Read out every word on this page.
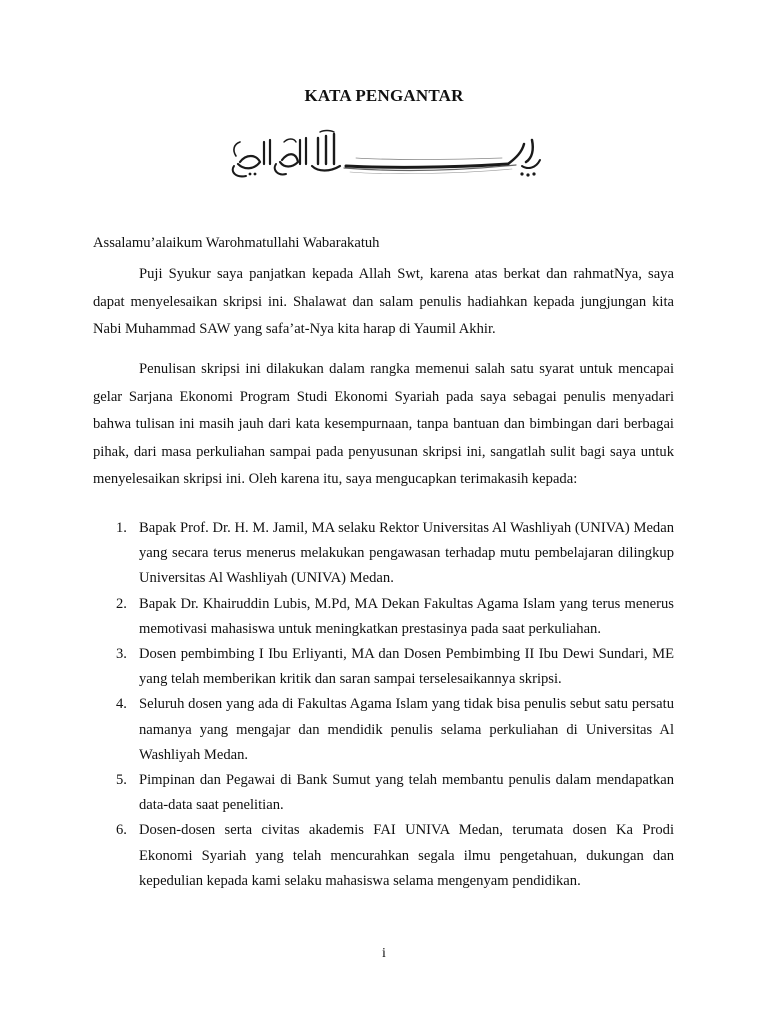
KATA PENGANTAR
Assalamu’alaikum Warohmatullahi Wabarakatuh

Puji Syukur saya panjatkan kepada Allah Swt, karena atas berkat dan rahmatNya, saya dapat menyelesaikan skripsi ini. Shalawat dan salam penulis hadiahkan kepada jungjungan kita Nabi Muhammad SAW yang safa’at-Nya kita harap di Yaumil Akhir.

Penulisan skripsi ini dilakukan dalam rangka memenui salah satu syarat untuk mencapai gelar Sarjana Ekonomi Program Studi Ekonomi Syariah pada saya sebagai penulis menyadari bahwa tulisan ini masih jauh dari kata kesempurnaan, tanpa bantuan dan bimbingan dari berbagai pihak, dari masa perkuliahan sampai pada penyusunan skripsi ini, sangatlah sulit bagi saya untuk menyelesaikan skripsi ini. Oleh karena itu, saya mengucapkan terimakasih kepada:

1. Bapak Prof. Dr. H. M. Jamil, MA selaku Rektor Universitas Al Washliyah (UNIVA) Medan yang secara terus menerus melakukan pengawasan terhadap mutu pembelajaran dilingkup Universitas Al Washliyah (UNIVA) Medan.
2. Bapak Dr. Khairuddin Lubis, M.Pd, MA Dekan Fakultas Agama Islam yang terus menerus memotivasi mahasiswa untuk meningkatkan prestasinya pada saat perkuliahan.
3. Dosen pembimbing I Ibu Erliyanti, MA dan Dosen Pembimbing II Ibu Dewi Sundari, ME yang telah memberikan kritik dan saran sampai terselesaikannya skripsi.
4. Seluruh dosen yang ada di Fakultas Agama Islam yang tidak bisa penulis sebut satu persatu namanya yang mengajar dan mendidik penulis selama perkuliahan di Universitas Al Washliyah Medan.
5. Pimpinan dan Pegawai di Bank Sumut yang telah membantu penulis dalam mendapatkan data-data saat penelitian.
6. Dosen-dosen serta civitas akademis FAI UNIVA Medan, terumata dosen Ka Prodi Ekonomi Syariah yang telah mencurahkan segala ilmu pengetahuan, dukungan dan kepedulian kepada kami selaku mahasiswa selama mengenyam pendidikan.
i
